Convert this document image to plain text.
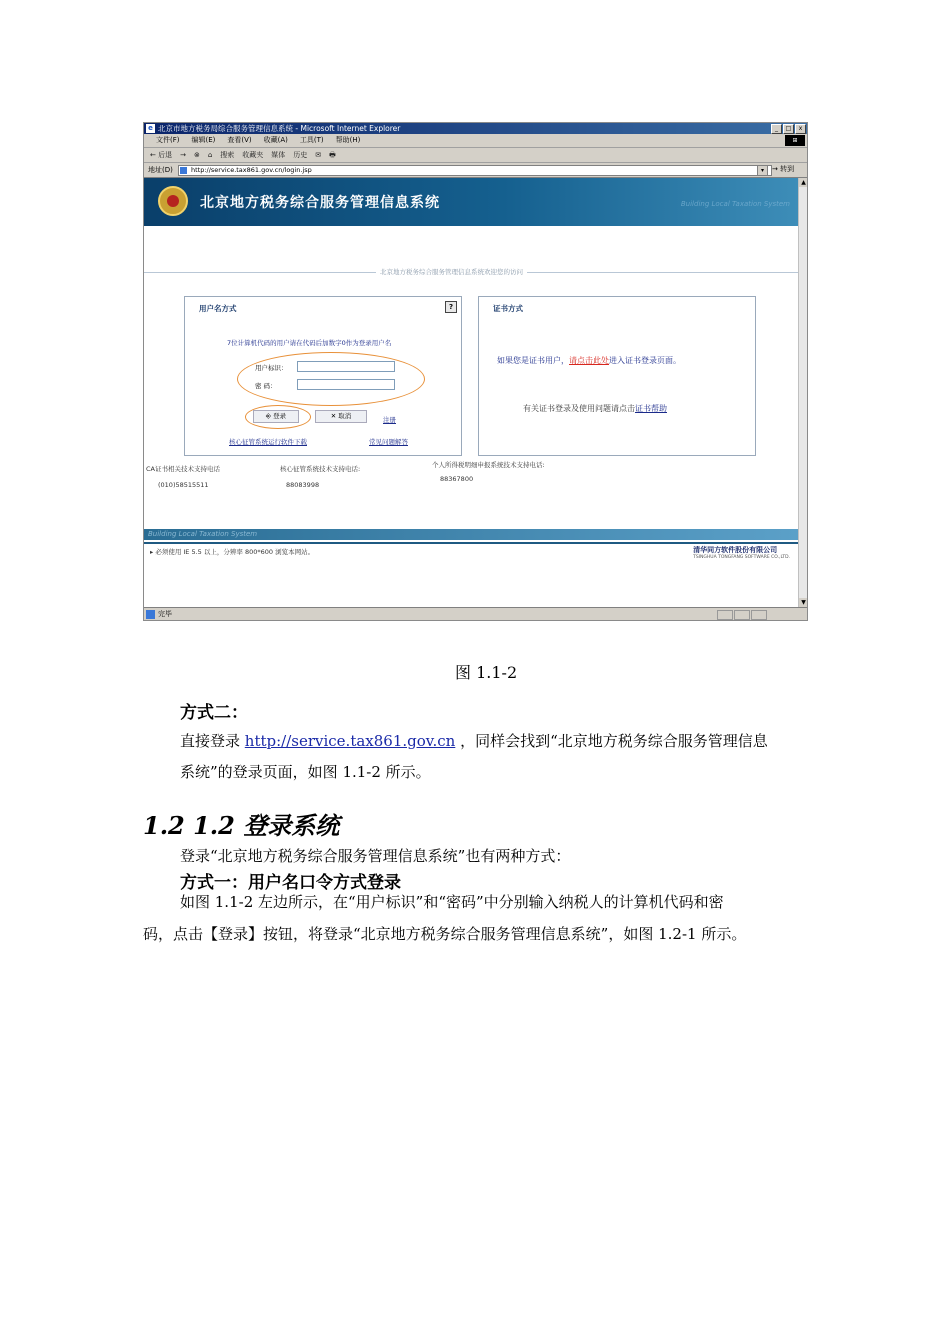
e 北京市地方税务局综合服务管理信息系统 - Microsoft Internet Explorer	_	□	x
文件(F) 编辑(E) 查看(V) 收藏(A) 工具(T) 帮助(H)	⊞
← 后退 → ⊗ ⌂ 搜索 收藏夹 媒体 历史 ✉ 🖶
地址(D)	http://service.tax861.gov.cn/login.jsp	▾	→ 转到
北京地方税务综合服务管理信息系统	Building Local Taxation System
北京地方税务综合服务管理信息系统欢迎您的访问
用户名方式	?
7位计算机代码的用户请在代码后加数字0作为登录用户名
用户标识：
密 码：
⎆ 登录	✕ 取消	注册
核心征管系统运行软件下载	常见问题解答
证书方式
如果您是证书用户，请点击此处进入证书登录页面。
有关证书登录及使用问题请点击证书帮助
CA证书相关技术支持电话
(010)58515511
核心征管系统技术支持电话:
88083998
个人所得税明细申报系统技术支持电话:
88367800
Building Local Taxation System
▸ 必须使用 IE 5.5 以上，分辨率 800*600 浏览本网站。	清华同方软件股份有限公司
TSINGHUA TONGFANG SOFTWARE CO.,LTD.
▲
▼
完毕
图 1.1-2
方式二：
直接登录 http://service.tax861.gov.cn ，同样会找到“北京地方税务综合服务管理信息
系统”的登录页面，如图 1.1-2 所示。
1.2 1.2 登录系统
登录“北京地方税务综合服务管理信息系统”也有两种方式：
方式一：用户名口令方式登录
如图 1.1-2 左边所示，在“用户标识”和“密码”中分别输入纳税人的计算机代码和密
码，点击【登录】按钮，将登录“北京地方税务综合服务管理信息系统”，如图 1.2-1 所示。
